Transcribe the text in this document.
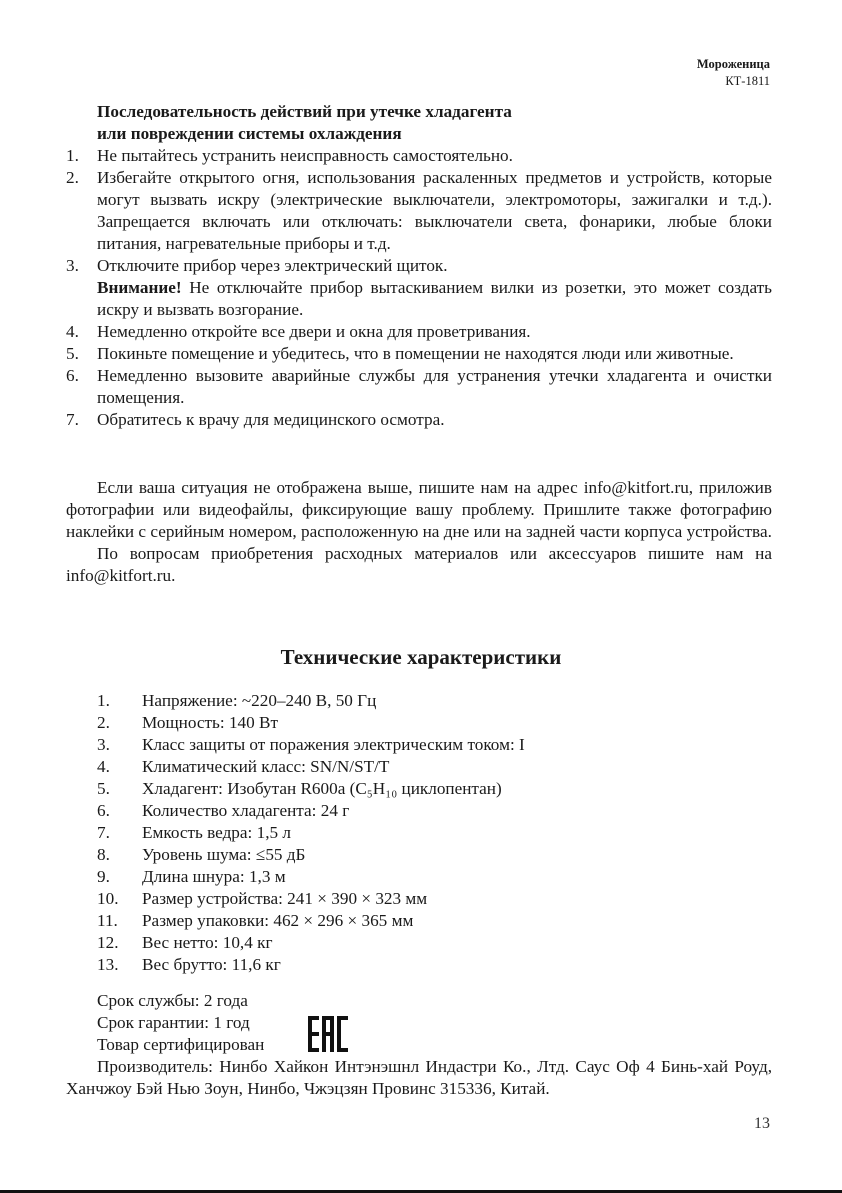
Мороженица
КТ-1811
Последовательность действий при утечке хладагента
или повреждении системы охлаждения
1.	Не пытайтесь устранить неисправность самостоятельно.
2.	Избегайте открытого огня, использования раскаленных предметов и устройств, которые могут вызвать искру (электрические выключатели, электромоторы, зажигалки и т.д.). Запрещается включать или отключать: выключатели света, фонарики, любые блоки питания, нагревательные приборы и т.д.
3.	Отключите прибор через электрический щиток.

Внимание! Не отключайте прибор вытаскиванием вилки из розетки, это может создать искру и вызвать возгорание.

4.	Немедленно откройте все двери и окна для проветривания.
5.	Покиньте помещение и убедитесь, что в помещении не находятся люди или животные.
6.	Немедленно вызовите аварийные службы для устранения утечки хладагента и очистки помещения.
7.	Обратитесь к врачу для медицинского осмотра.

Если ваша ситуация не отображена выше, пишите нам на адрес info@kitfort.ru, приложив фотографии или видеофайлы, фиксирующие вашу проблему. Пришлите также фотографию наклейки с серийным номером, расположенную на дне или на задней части корпуса устройства.

По вопросам приобретения расходных материалов или аксессуаров пишите нам на info@kitfort.ru.

Технические характеристики
1.	Напряжение: ~220–240 В, 50 Гц
2.	Мощность: 140 Вт
3.	Класс защиты от поражения электрическим током: I
4.	Климатический класс: SN/N/ST/T
5.	Хладагент: Изобутан R600a (C₅H₁₀ циклопентан)
6.	Количество хладагента: 24 г
7.	Емкость ведра: 1,5 л
8.	Уровень шума: ≤55 дБ
9.	Длина шнура: 1,3 м
10.	Размер устройства: 241 × 390 × 323 мм
11.	Размер упаковки: 462 × 296 × 365 мм
12.	Вес нетто: 10,4 кг
13.	Вес брутто: 11,6 кг
Срок службы: 2 года
Срок гарантии: 1 год
Товар сертифицирован
Производитель: Нинбо Хайкон Интэнэшнл Индастри Ко., Лтд. Саус Оф 4 Бинь-хай Роуд, Ханчжоу Бэй Нью Зоун, Нинбо, Чжэцзян Провинс 315336, Китай.
13
